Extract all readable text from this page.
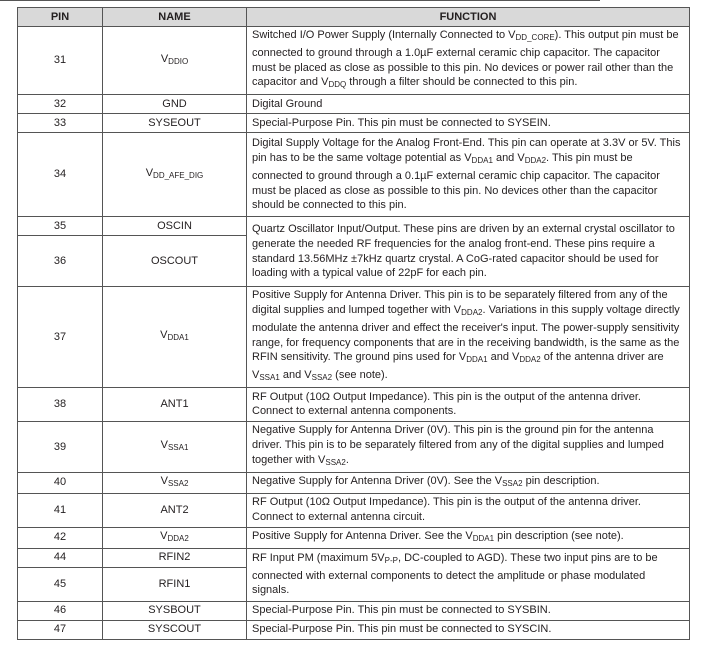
PIN	NAME	FUNCTION
31	$V_{DDIO}$	Switched I/O Power Supply (Internally Connected to $V_{DD\_CORE}$). This output pin must be connected to ground through a 1.0µF external ceramic chip capacitor. The capacitor must be placed as close as possible to this pin. No devices or power rail other than the capacitor and $V_{DDQ}$ through a filter should be connected to this pin.
32	GND	Digital Ground
33	SYSEOUT	Special-Purpose Pin. This pin must be connected to SYSEIN.
34	$V_{DD\_AFE\_DIG}$	Digital Supply Voltage for the Analog Front-End. This pin can operate at 3.3V or 5V. This pin has to be the same voltage potential as $V_{DDA1}$ and $V_{DDA2}$. This pin must be connected to ground through a 0.1µF external ceramic chip capacitor. The capacitor must be placed as close as possible to this pin. No devices other than the capacitor should be connected to this pin.
35	OSCIN	Quartz Oscillator Input/Output. These pins are driven by an external crystal oscillator to generate the needed RF frequencies for the analog front-end. These pins require a standard 13.56MHz ±7kHz quartz crystal. A CoG-rated capacitor should be used for loading with a typical value of 22pF for each pin.
36	OSCOUT	
37	$V_{DDA1}$	Positive Supply for Antenna Driver. This pin is to be separately filtered from any of the digital supplies and lumped together with $V_{DDA2}$. Variations in this supply voltage directly modulate the antenna driver and effect the receiver's input. The power-supply sensitivity range, for frequency components that are in the receiving bandwidth, is the same as the RFIN sensitivity. The ground pins used for $V_{DDA1}$ and $V_{DDA2}$ of the antenna driver are $V_{SSA1}$ and $V_{SSA2}$ (see note).
38	ANT1	RF Output (10Ω Output Impedance). This pin is the output of the antenna driver. Connect to external antenna components.
39	$V_{SSA1}$	Negative Supply for Antenna Driver (0V). This pin is the ground pin for the antenna driver. This pin is to be separately filtered from any of the digital supplies and lumped together with $V_{SSA2}$.
40	$V_{SSA2}$	Negative Supply for Antenna Driver (0V). See the $V_{SSA2}$ pin description.
41	ANT2	RF Output (10Ω Output Impedance). This pin is the output of the antenna driver. Connect to external antenna circuit.
42	$V_{DDA2}$	Positive Supply for Antenna Driver. See the $V_{DDA1}$ pin description (see note).
44	RFIN2	RF Input PM (maximum $5V_{P-P}$, DC-coupled to AGD). These two input pins are to be connected with external components to detect the amplitude or phase modulated signals.
45	RFIN1	
46	SYSBOUT	Special-Purpose Pin. This pin must be connected to SYSBIN.
47	SYSCOUT	Special-Purpose Pin. This pin must be connected to SYSCIN.
